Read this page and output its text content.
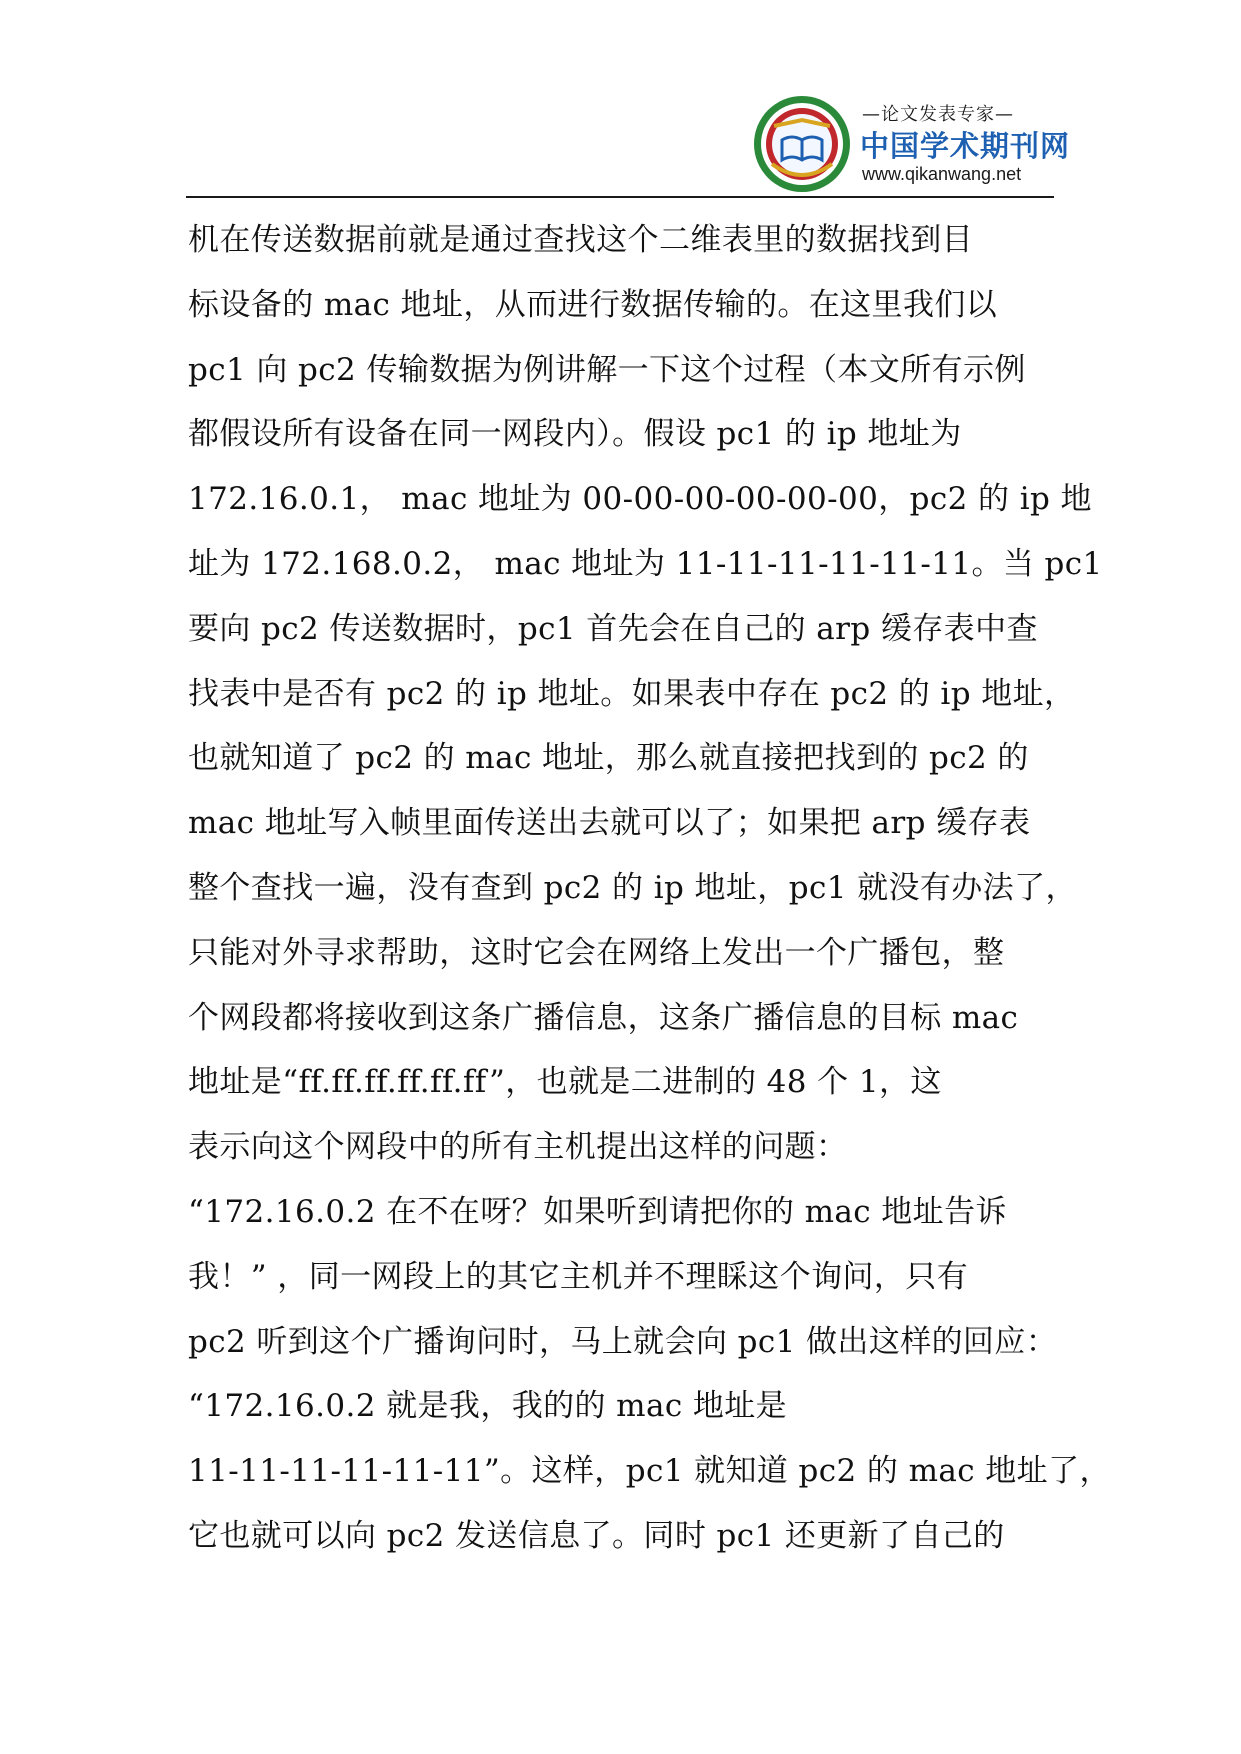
—论文发表专家—
中国学术期刊网
www.qikanwang.net
机在传送数据前就是通过查找这个二维表里的数据找到目
标设备的 mac 地址，从而进行数据传输的。在这里我们以
pc1 向 pc2 传输数据为例讲解一下这个过程（本文所有示例
都假设所有设备在同一网段内）。假设 pc1 的 ip 地址为
172.16.0.1， mac 地址为 00-00-00-00-00-00，pc2 的 ip 地
址为 172.168.0.2， mac 地址为 11-11-11-11-11-11。当 pc1
要向 pc2 传送数据时，pc1 首先会在自己的 arp 缓存表中查
找表中是否有 pc2 的 ip 地址。如果表中存在 pc2 的 ip 地址，
也就知道了 pc2 的 mac 地址，那么就直接把找到的 pc2 的
mac 地址写入帧里面传送出去就可以了；如果把 arp 缓存表
整个查找一遍，没有查到 pc2 的 ip 地址，pc1 就没有办法了，
只能对外寻求帮助，这时它会在网络上发出一个广播包，整
个网段都将接收到这条广播信息，这条广播信息的目标 mac
地址是“ff.ff.ff.ff.ff.ff”，也就是二进制的 48 个 1，这
表示向这个网段中的所有主机提出这样的问题：
“172.16.0.2 在不在呀？如果听到请把你的 mac 地址告诉
我！” ，同一网段上的其它主机并不理睬这个询问，只有
pc2 听到这个广播询问时，马上就会向 pc1 做出这样的回应：
“172.16.0.2 就是我，我的的 mac 地址是
11-11-11-11-11-11”。这样，pc1 就知道 pc2 的 mac 地址了，
它也就可以向 pc2 发送信息了。同时 pc1 还更新了自己的
